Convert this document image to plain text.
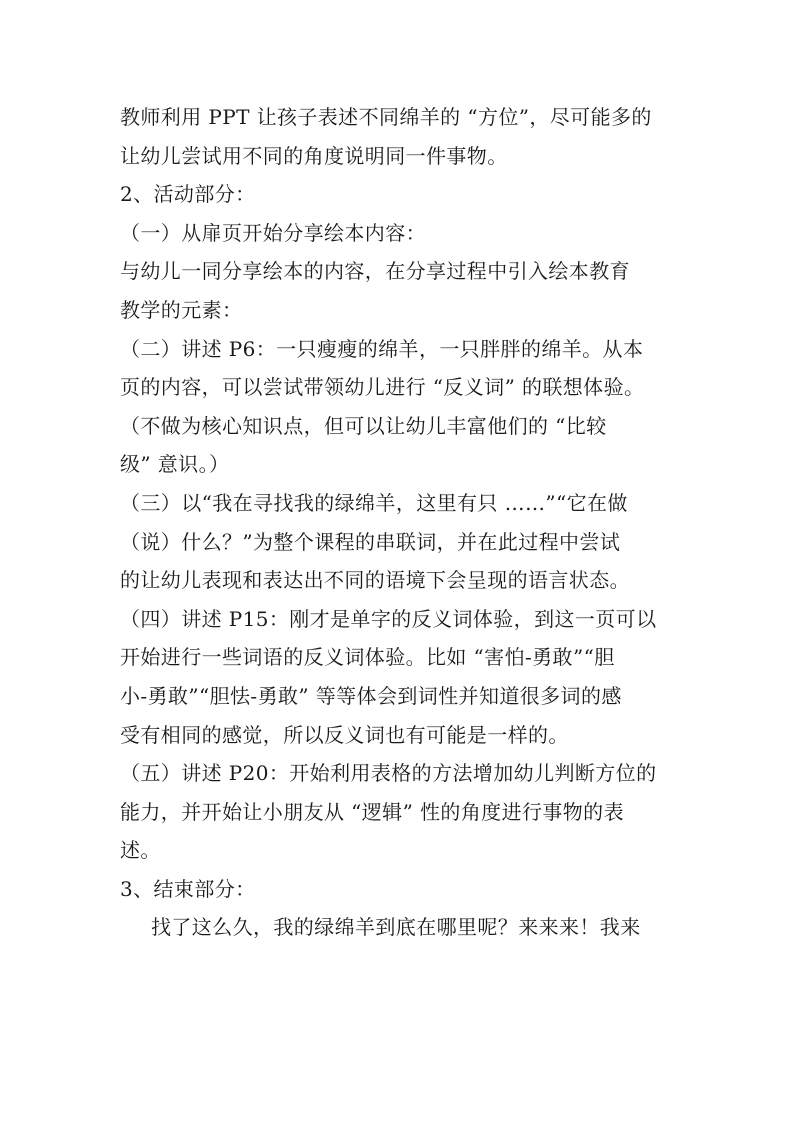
教师利用 PPT 让孩子表述不同绵羊的 “方位”，尽可能多的
让幼儿尝试用不同的角度说明同一件事物。
2、活动部分：
（一）从扉页开始分享绘本内容：
与幼儿一同分享绘本的内容，在分享过程中引入绘本教育
教学的元素：
（二）讲述 P6：一只瘦瘦的绵羊，一只胖胖的绵羊。从本
页的内容，可以尝试带领幼儿进行 “反义词” 的联想体验。
（不做为核心知识点，但可以让幼儿丰富他们的 “比较
级” 意识。）
（三）以“我在寻找我的绿绵羊，这里有只 ……”“它在做
（说）什么？”为整个课程的串联词，并在此过程中尝试
的让幼儿表现和表达出不同的语境下会呈现的语言状态。
（四）讲述 P15：刚才是单字的反义词体验，到这一页可以
开始进行一些词语的反义词体验。比如 “害怕-勇敢”“胆
小-勇敢”“胆怯-勇敢” 等等体会到词性并知道很多词的感
受有相同的感觉，所以反义词也有可能是一样的。
（五）讲述 P20：开始利用表格的方法增加幼儿判断方位的
能力，并开始让小朋友从 “逻辑” 性的角度进行事物的表
述。
3、结束部分：
找了这么久，我的绿绵羊到底在哪里呢？来来来！我来
